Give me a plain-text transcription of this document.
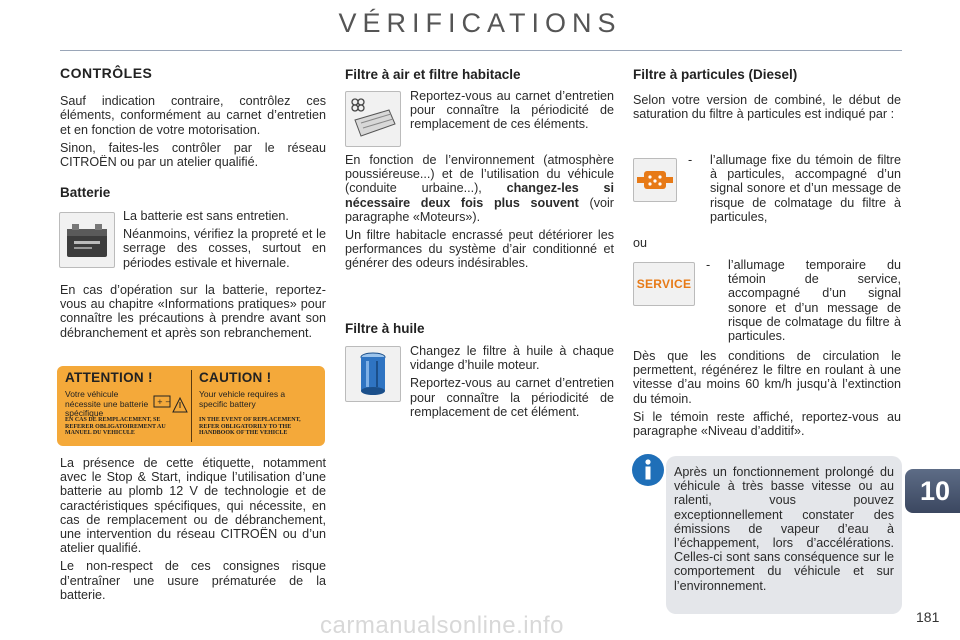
VÉRIFICATIONS
CONTRÔLES

Sauf indication contraire, contrôlez ces éléments, conformément au carnet d’entretien et en fonction de votre motorisation.

Sinon, faites-les contrôler par le réseau CITROËN ou par un atelier qualifié.

Batterie

La batterie est sans entretien.

Néanmoins, vérifiez la propreté et le serrage des cosses, surtout en périodes estivale et hivernale.

En cas d’opération sur la batterie, reportez-vous au chapitre «Informations pratiques» pour connaître les précautions à prendre avant son débranchement et après son rebranchement.

ATTENTION !
Votre véhicule nécessite une batterie spécifique
EN CAS DE REMPLACEMENT, SE REFERER OBLIGATOIREMENT AU MANUEL DU VEHICULE
CAUTION !
Your vehicle requires a specific battery
IN THE EVENT OF REPLACEMENT, REFER OBLIGATORILY TO THE HANDBOOK OF THE VEHICLE
+ −

La présence de cette étiquette, notamment avec le Stop & Start, indique l’utilisation d’une batterie au plomb 12 V de technologie et de caractéristiques spécifiques, qui nécessite, en cas de remplacement ou de débranchement, une intervention du réseau CITROËN ou d’un atelier qualifié.

Le non-respect de ces consignes risque d’entraîner une usure prématurée de la batterie.

Filtre à air et filtre habitacle

Reportez-vous au carnet d’entretien pour connaître la périodicité de remplacement de ces éléments.

En fonction de l’environnement (atmosphère poussiéreuse...) et de l’utilisation du véhicule (conduite urbaine...), changez-les si nécessaire deux fois plus souvent (voir paragraphe «Moteurs»).

Un filtre habitacle encrassé peut détériorer les performances du système d’air conditionné et générer des odeurs indésirables.

Filtre à huile

Changez le filtre à huile à chaque vidange d’huile moteur.

Reportez-vous au carnet d’entretien pour connaître la périodicité de remplacement de cet élément.

Filtre à particules (Diesel)

Selon votre version de combiné, le début de saturation du filtre à particules est indiqué par :

- l’allumage fixe du témoin de filtre à particules, accompagné d’un signal sonore et d’un message de risque de colmatage du filtre à particules,
ou
SERVICE
- l’allumage temporaire du témoin de service, accompagné d’un signal sonore et d’un message de risque de colmatage du filtre à particules.

Dès que les conditions de circulation le permettent, régénérez le filtre en roulant à une vitesse d’au moins 60 km/h jusqu’à l’extinction du témoin.

Si le témoin reste affiché, reportez-vous au paragraphe «Niveau d’additif».

Après un fonctionnement prolongé du véhicule à très basse vitesse ou au ralenti, vous pouvez exceptionnellement constater des émissions de vapeur d’eau à l’échappement, lors d’accélérations. Celles-ci sont sans conséquence sur le comportement du véhicule et sur l’environnement.

10
181
carmanualsonline.info
